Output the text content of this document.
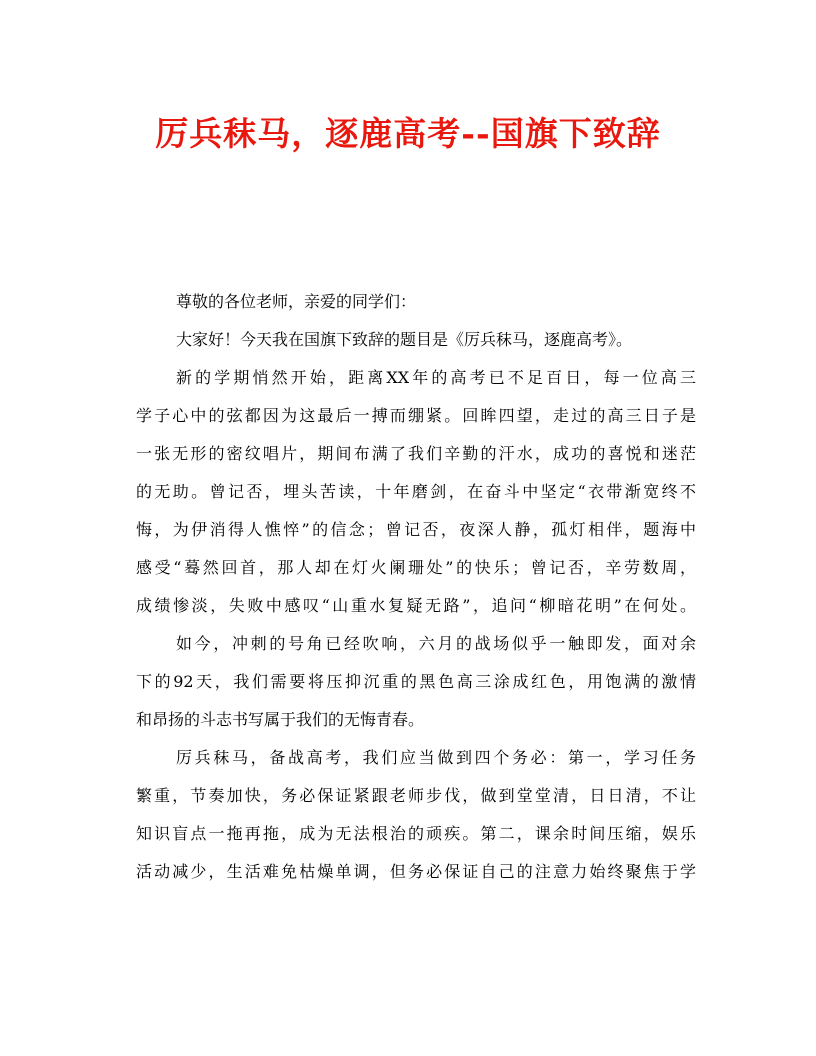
厉兵秣马，逐鹿高考--国旗下致辞
尊敬的各位老师，亲爱的同学们：
大家好！今天我在国旗下致辞的题目是《厉兵秣马，逐鹿高考》。
新的学期悄然开始，距离XX年的高考已不足百日，每一位高三
学子心中的弦都因为这最后一搏而绷紧。回眸四望，走过的高三日子是
一张无形的密纹唱片，期间布满了我们辛勤的汗水，成功的喜悦和迷茫
的无助。曾记否，埋头苦读，十年磨剑，在奋斗中坚定“衣带渐宽终不
悔，为伊消得人憔悴”的信念；曾记否，夜深人静，孤灯相伴，题海中
感受“蓦然回首，那人却在灯火阑珊处”的快乐；曾记否，辛劳数周，
成绩惨淡，失败中感叹“山重水复疑无路”，追问“柳暗花明”在何处。
如今，冲刺的号角已经吹响，六月的战场似乎一触即发，面对余
下的92天，我们需要将压抑沉重的黑色高三涂成红色，用饱满的激情
和昂扬的斗志书写属于我们的无悔青春。
厉兵秣马，备战高考，我们应当做到四个务必：第一，学习任务
繁重，节奏加快，务必保证紧跟老师步伐，做到堂堂清，日日清，不让
知识盲点一拖再拖，成为无法根治的顽疾。第二，课余时间压缩，娱乐
活动减少，生活难免枯燥单调，但务必保证自己的注意力始终聚焦于学
